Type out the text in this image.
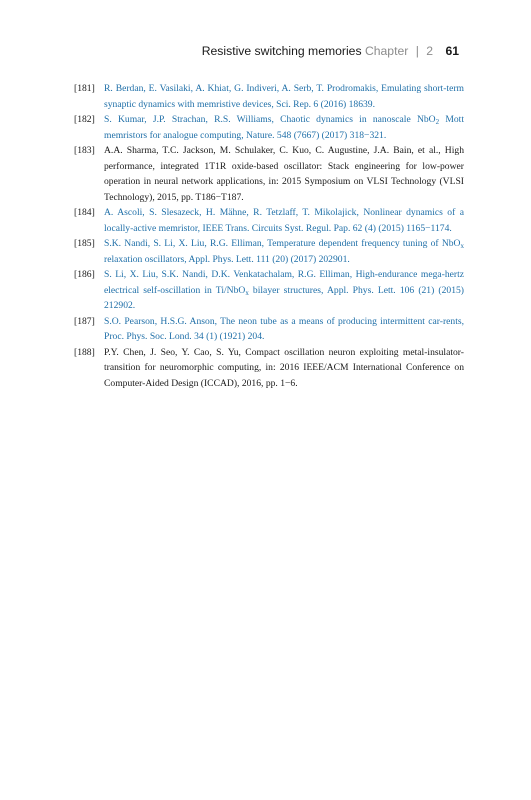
Resistive switching memories Chapter | 2 61
[181] R. Berdan, E. Vasilaki, A. Khiat, G. Indiveri, A. Serb, T. Prodromakis, Emulating short-term synaptic dynamics with memristive devices, Sci. Rep. 6 (2016) 18639.
[182] S. Kumar, J.P. Strachan, R.S. Williams, Chaotic dynamics in nanoscale NbO$_2$ Mott memristors for analogue computing, Nature. 548 (7667) (2017) 318−321.
[183] A.A. Sharma, T.C. Jackson, M. Schulaker, C. Kuo, C. Augustine, J.A. Bain, et al., High performance, integrated 1T1R oxide-based oscillator: Stack engineering for low-power operation in neural network applications, in: 2015 Symposium on VLSI Technology (VLSI Technology), 2015, pp. T186−T187.
[184] A. Ascoli, S. Slesazeck, H. Mähne, R. Tetzlaff, T. Mikolajick, Nonlinear dynamics of a locally-active memristor, IEEE Trans. Circuits Syst. Regul. Pap. 62 (4) (2015) 1165−1174.
[185] S.K. Nandi, S. Li, X. Liu, R.G. Elliman, Temperature dependent frequency tuning of NbO$_x$ relaxation oscillators, Appl. Phys. Lett. 111 (20) (2017) 202901.
[186] S. Li, X. Liu, S.K. Nandi, D.K. Venkatachalam, R.G. Elliman, High-endurance mega-hertz electrical self-oscillation in Ti/NbO$_x$ bilayer structures, Appl. Phys. Lett. 106 (21) (2015) 212902.
[187] S.O. Pearson, H.S.G. Anson, The neon tube as a means of producing intermittent car-rents, Proc. Phys. Soc. Lond. 34 (1) (1921) 204.
[188] P.Y. Chen, J. Seo, Y. Cao, S. Yu, Compact oscillation neuron exploiting metal-insulator-transition for neuromorphic computing, in: 2016 IEEE/ACM International Conference on Computer-Aided Design (ICCAD), 2016, pp. 1−6.
